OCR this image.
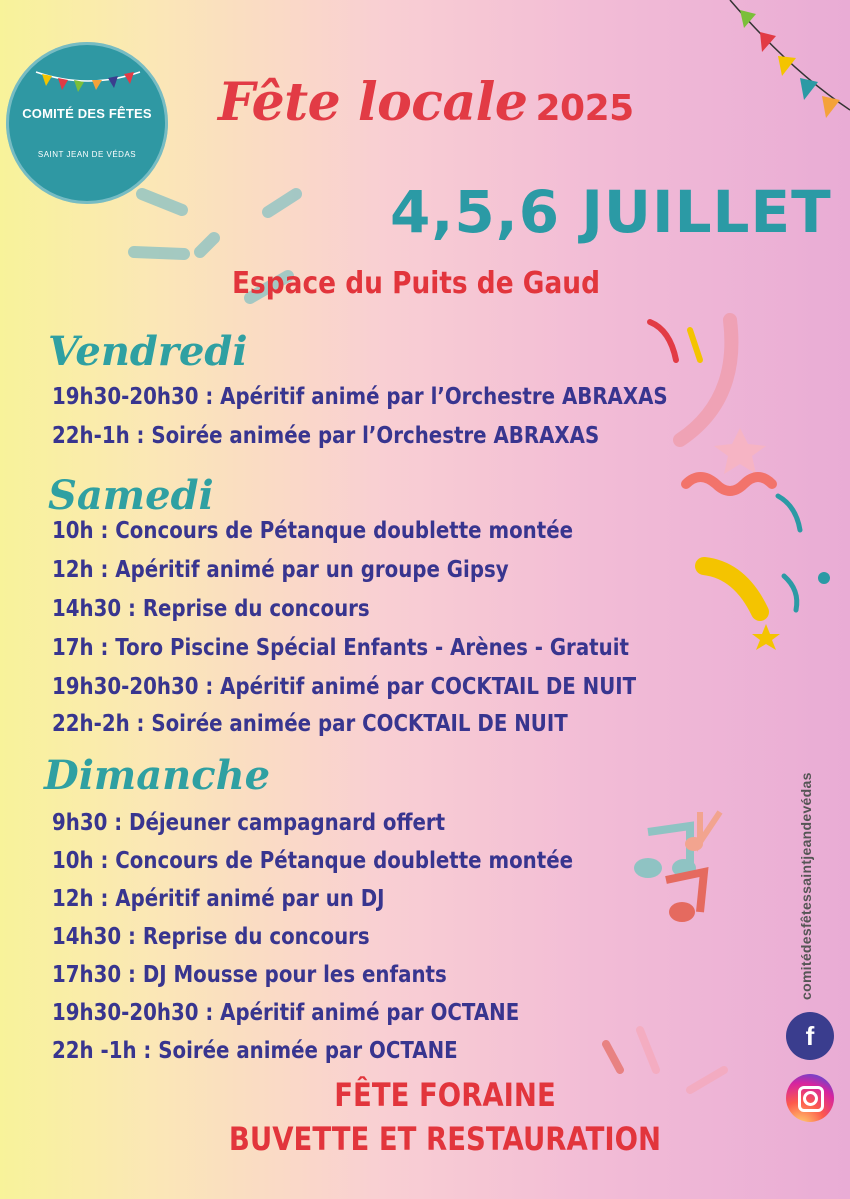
COMITÉ DES FÊTES
SAINT JEAN DE VÉDAS
Fête locale 2025
4,5,6 JUILLET
Espace du Puits de Gaud
Vendredi
19h30-20h30 : Apéritif animé par l’Orchestre ABRAXAS
22h-1h : Soirée animée par l’Orchestre ABRAXAS
Samedi
10h : Concours de Pétanque doublette montée
12h : Apéritif animé par un groupe Gipsy
14h30 : Reprise du concours
17h : Toro Piscine Spécial Enfants - Arènes - Gratuit
19h30-20h30 : Apéritif animé par COCKTAIL DE NUIT
22h-2h : Soirée animée par COCKTAIL DE NUIT
Dimanche
9h30 : Déjeuner campagnard offert
10h : Concours de Pétanque doublette montée
12h : Apéritif animé par un DJ
14h30 : Reprise du concours
17h30 : DJ Mousse pour les enfants
19h30-20h30 : Apéritif animé par OCTANE
22h -1h : Soirée animée par OCTANE
FÊTE FORAINE
BUVETTE ET RESTAURATION
comitédesfêtessaintjeandevédas
f
